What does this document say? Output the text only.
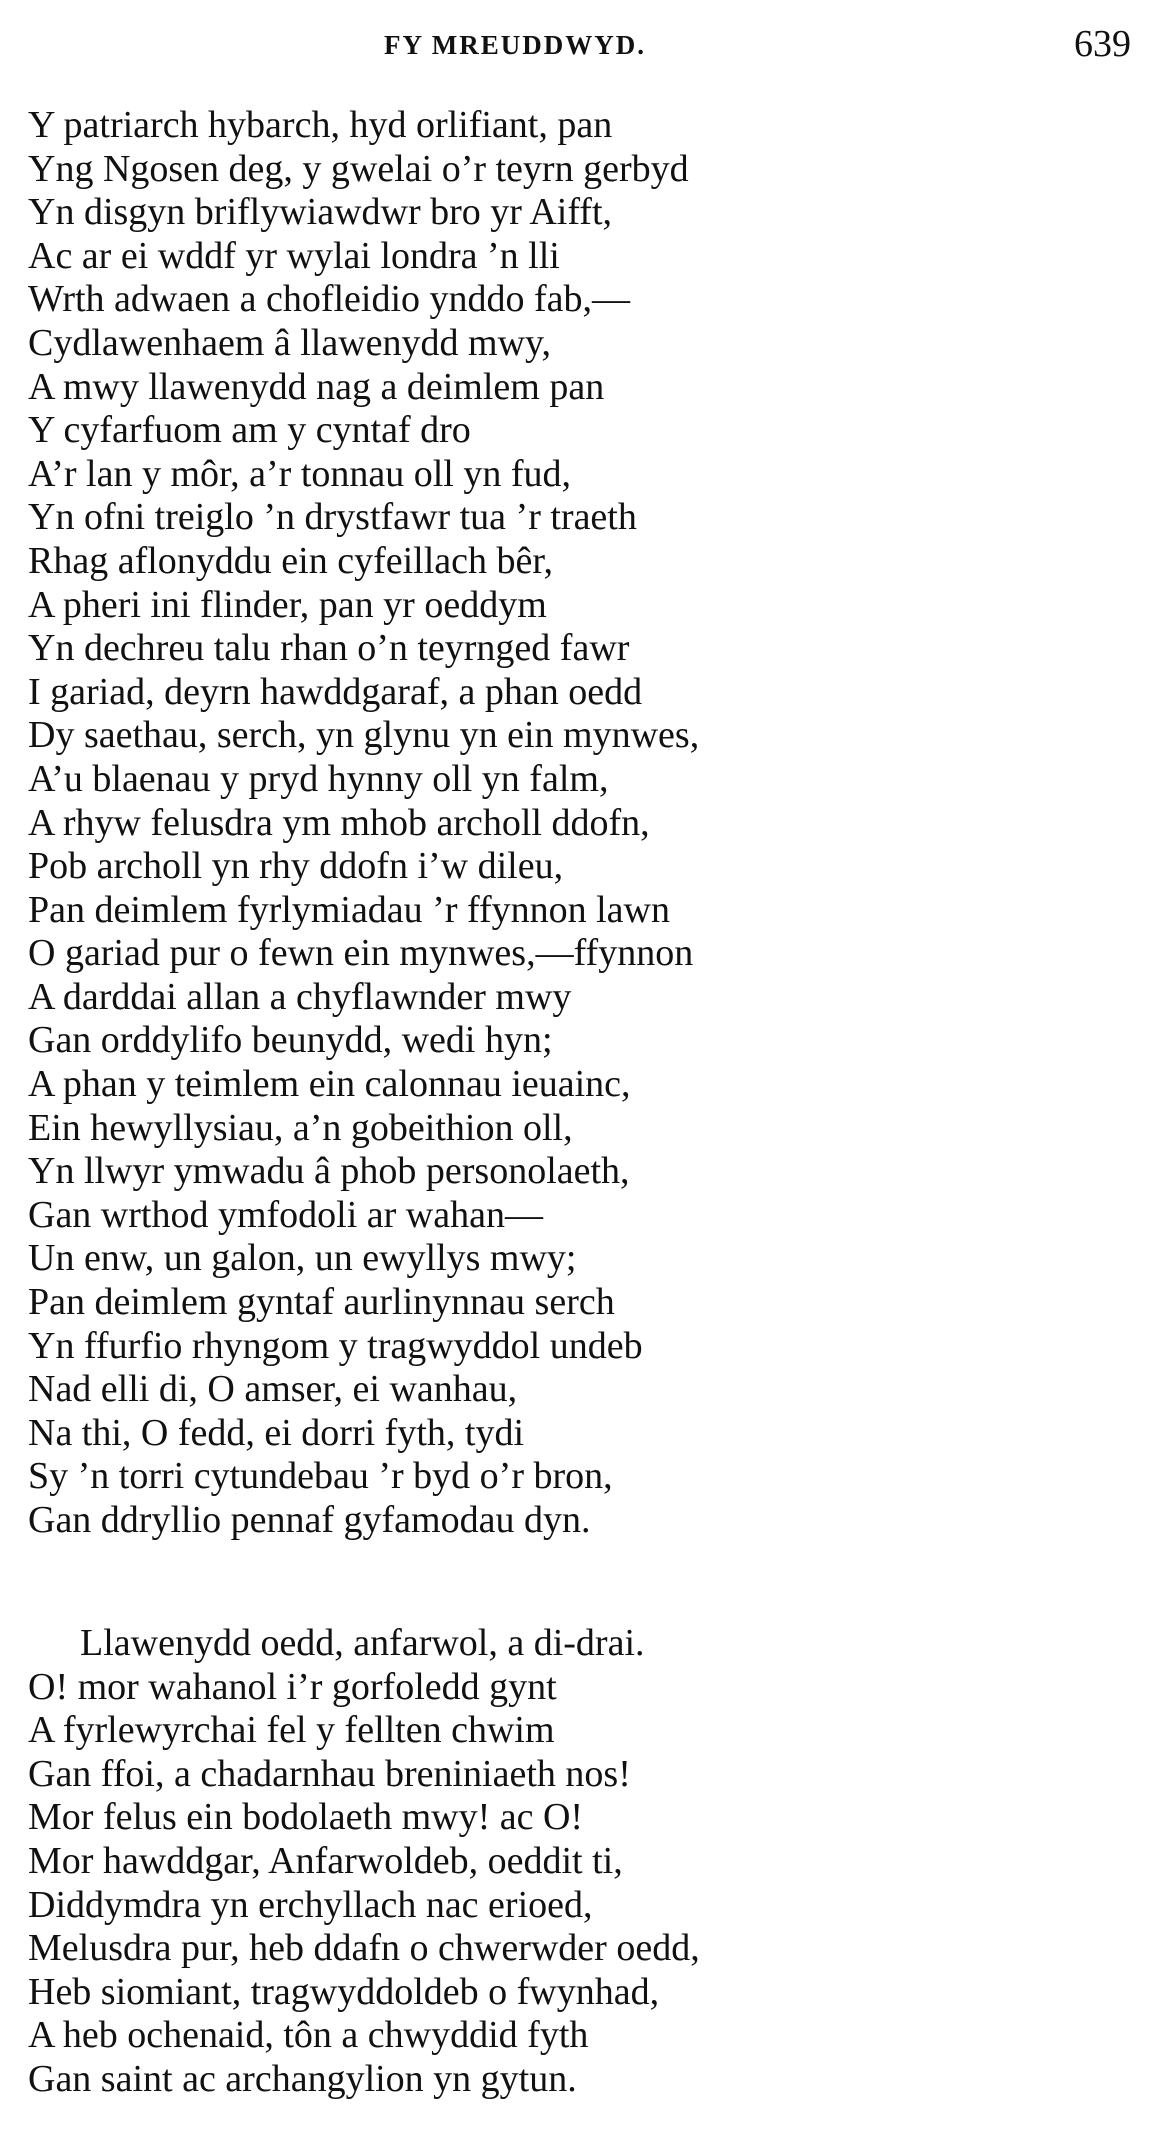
FY MREUDDWYD.	639
Y patriarch hybarch, hyd orlifiant, pan
Yng Ngosen deg, y gwelai o’r teyrn gerbyd
Yn disgyn briflywiawdwr bro yr Aifft,
Ac ar ei wddf yr wylai londra ’n lli
Wrth adwaen a chofleidio ynddo fab,—
Cydlawenhaem â llawenydd mwy,
A mwy llawenydd nag a deimlem pan
Y cyfarfuom am y cyntaf dro
A’r lan y môr, a’r tonnau oll yn fud,
Yn ofni treiglo ’n drystfawr tua ’r traeth
Rhag aflonyddu ein cyfeillach bêr,
A pheri ini flinder, pan yr oeddym
Yn dechreu talu rhan o’n teyrnged fawr
I gariad, deyrn hawddgaraf, a phan oedd
Dy saethau, serch, yn glynu yn ein mynwes,
A’u blaenau y pryd hynny oll yn falm,
A rhyw felusdra ym mhob archoll ddofn,
Pob archoll yn rhy ddofn i’w dileu,
Pan deimlem fyrlymiadau ’r ffynnon lawn
O gariad pur o fewn ein mynwes,—ffynnon
A darddai allan a chyflawnder mwy
Gan orddylifo beunydd, wedi hyn;
A phan y teimlem ein calonnau ieuainc,
Ein hewyllysiau, a’n gobeithion oll,
Yn llwyr ymwadu â phob personolaeth,
Gan wrthod ymfodoli ar wahan—
Un enw, un galon, un ewyllys mwy;
Pan deimlem gyntaf aurlinynnau serch
Yn ffurfio rhyngom y tragwyddol undeb
Nad elli di, O amser, ei wanhau,
Na thi, O fedd, ei dorri fyth, tydi
Sy ’n torri cytundebau ’r byd o’r bron,
Gan ddryllio pennaf gyfamodau dyn.
Llawenydd oedd, anfarwol, a di-drai.
O! mor wahanol i’r gorfoledd gynt
A fyrlewyrchai fel y fellten chwim
Gan ffoi, a chadarnhau breniniaeth nos!
Mor felus ein bodolaeth mwy! ac O!
Mor hawddgar, Anfarwoldeb, oeddit ti,
Diddymdra yn erchyllach nac erioed,
Melusdra pur, heb ddafn o chwerwder oedd,
Heb siomiant, tragwyddoldeb o fwynhad,
A heb ochenaid, tôn a chwyddid fyth
Gan saint ac archangylion yn gytun.
